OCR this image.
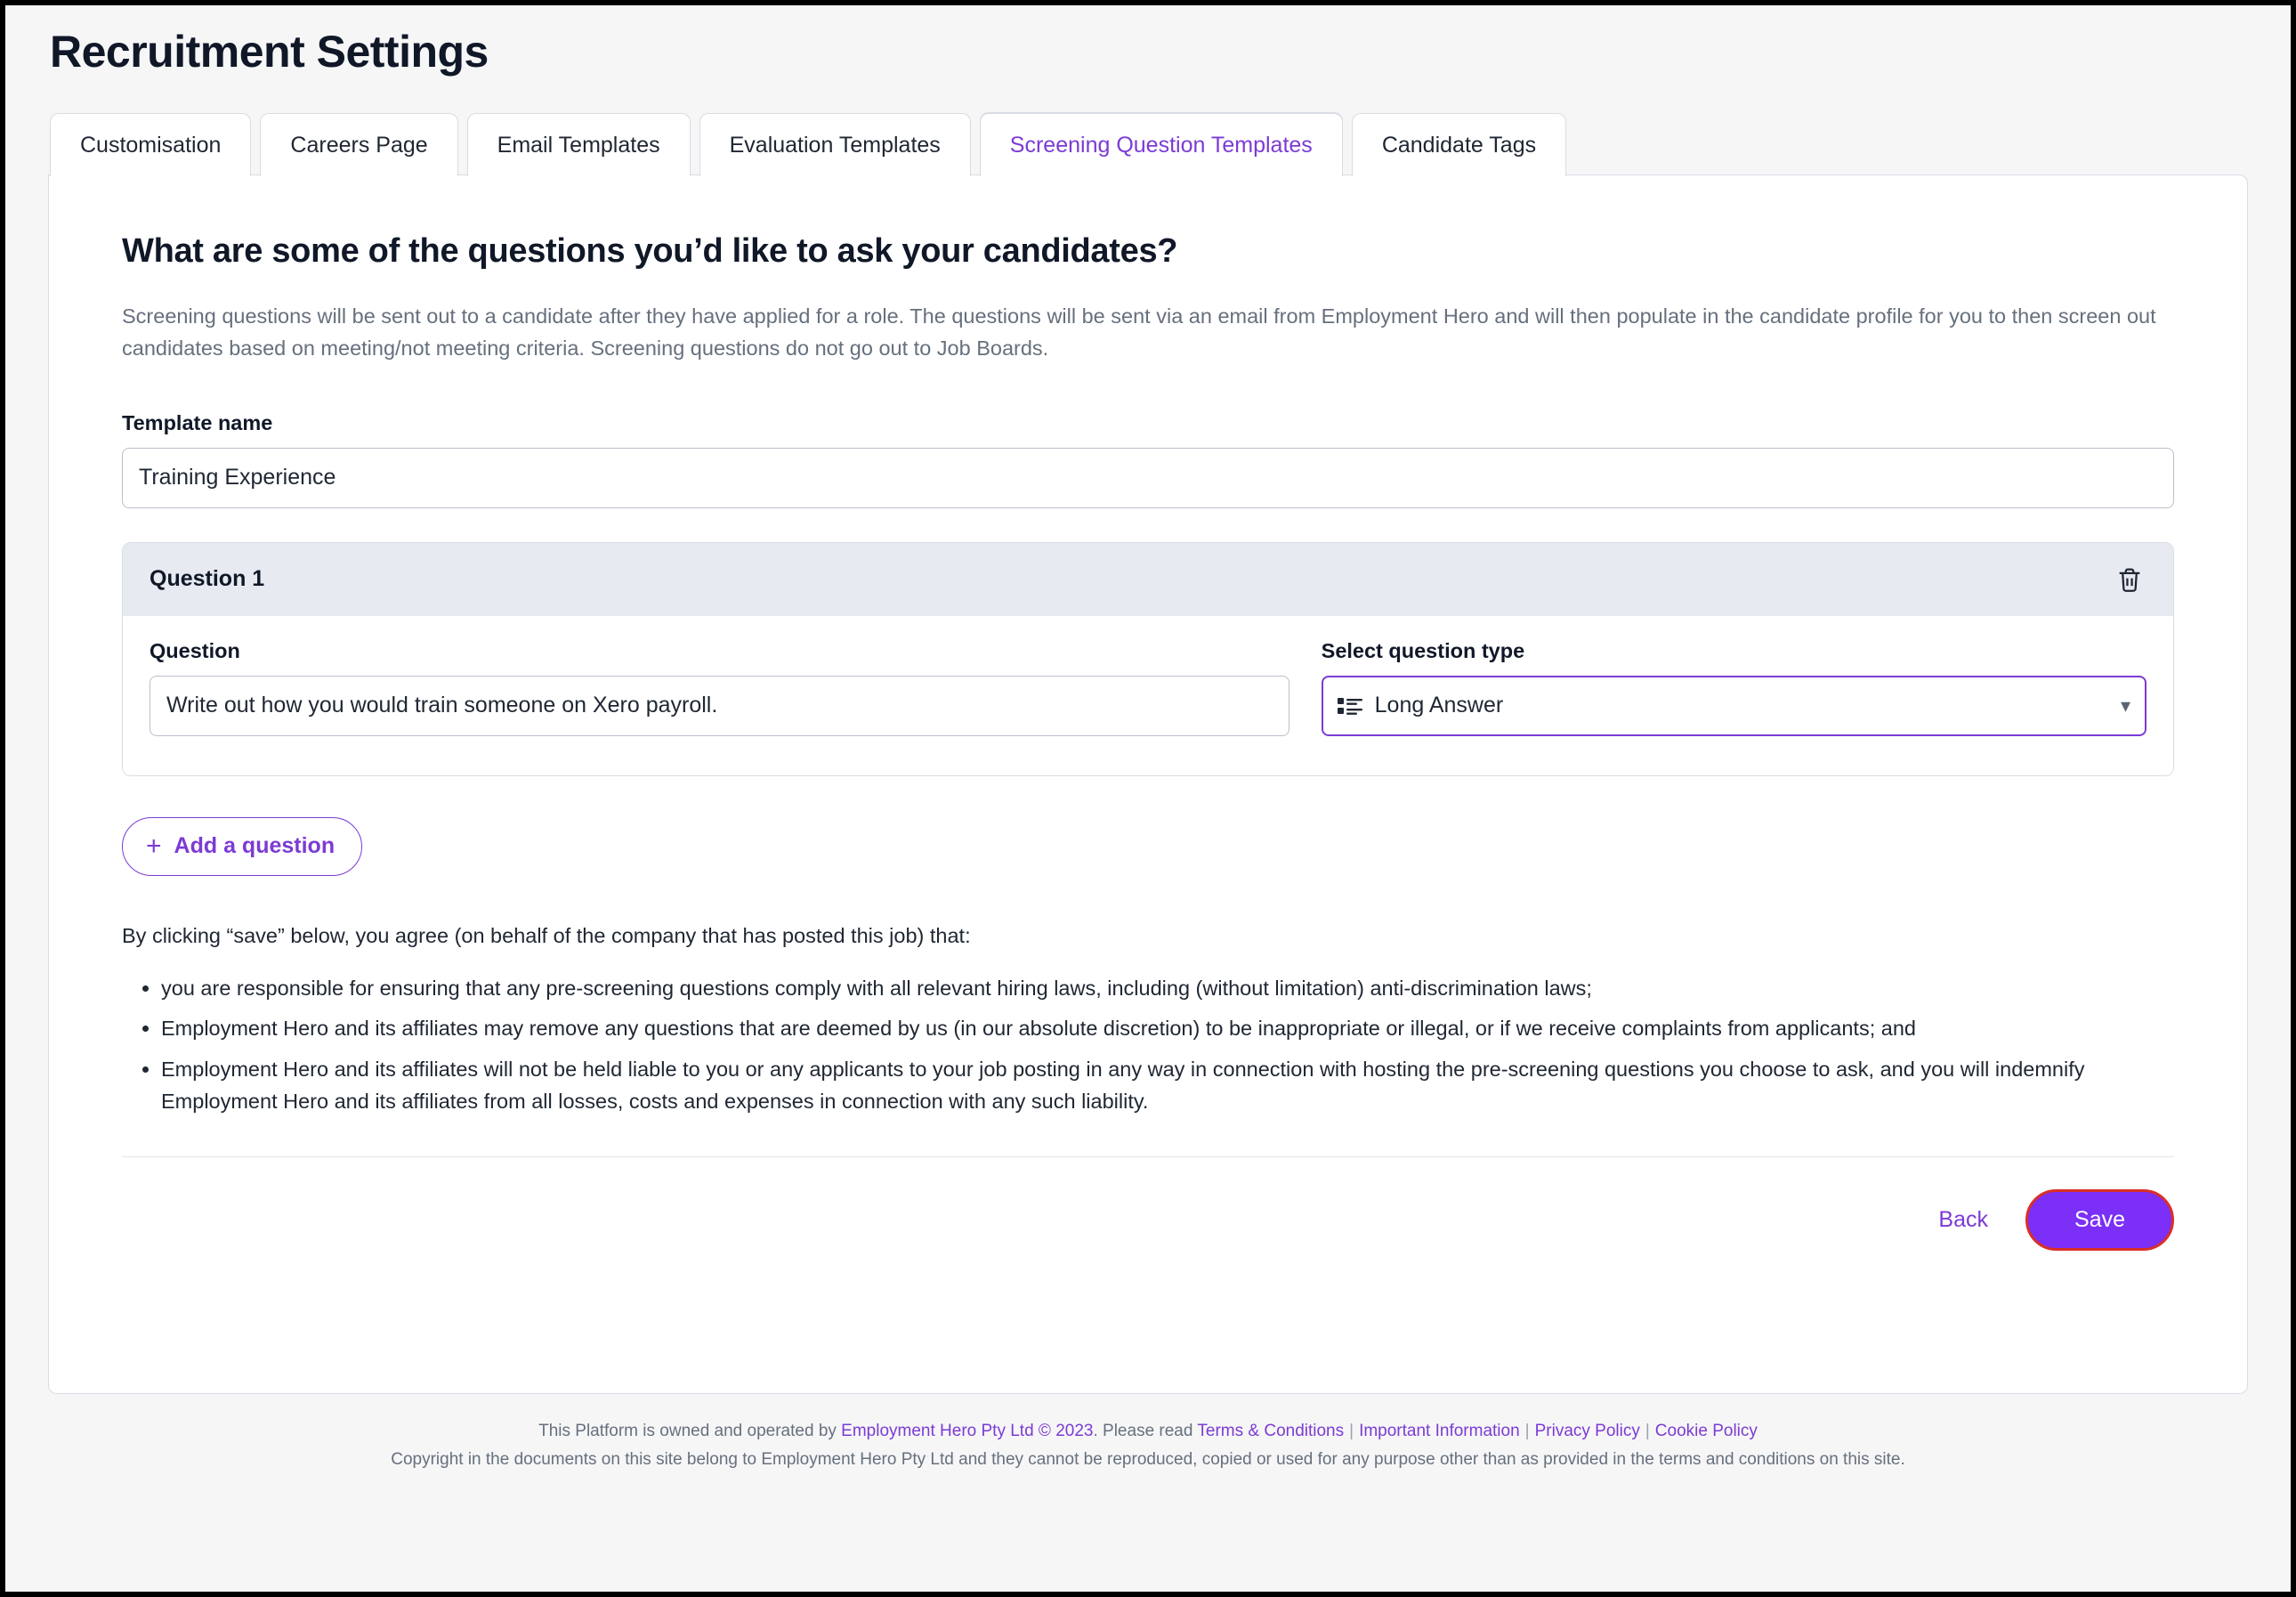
Recruitment Settings
Customisation	Careers Page	Email Templates	Evaluation Templates	Screening Question Templates	Candidate Tags
What are some of the questions you’d like to ask your candidates?

Screening questions will be sent out to a candidate after they have applied for a role. The questions will be sent via an email from Employment Hero and will then populate in the candidate profile for you to then screen out candidates based on meeting/not meeting criteria. Screening questions do not go out to Job Boards.

Template name
Training Experience
Question 1
Question
Write out how you would train someone on Xero payroll.	Select question type
Long Answer	▾
+ Add a question

By clicking “save” below, you agree (on behalf of the company that has posted this job) that:

• you are responsible for ensuring that any pre-screening questions comply with all relevant hiring laws, including (without limitation) anti-discrimination laws;
• Employment Hero and its affiliates may remove any questions that are deemed by us (in our absolute discretion) to be inappropriate or illegal, or if we receive complaints from applicants; and
• Employment Hero and its affiliates will not be held liable to you or any applicants to your job posting in any way in connection with hosting the pre-screening questions you choose to ask, and you will indemnify Employment Hero and its affiliates from all losses, costs and expenses in connection with any such liability.
Back	Save
This Platform is owned and operated by Employment Hero Pty Ltd © 2023. Please read Terms & Conditions | Important Information | Privacy Policy | Cookie Policy
Copyright in the documents on this site belong to Employment Hero Pty Ltd and they cannot be reproduced, copied or used for any purpose other than as provided in the terms and conditions on this site.
